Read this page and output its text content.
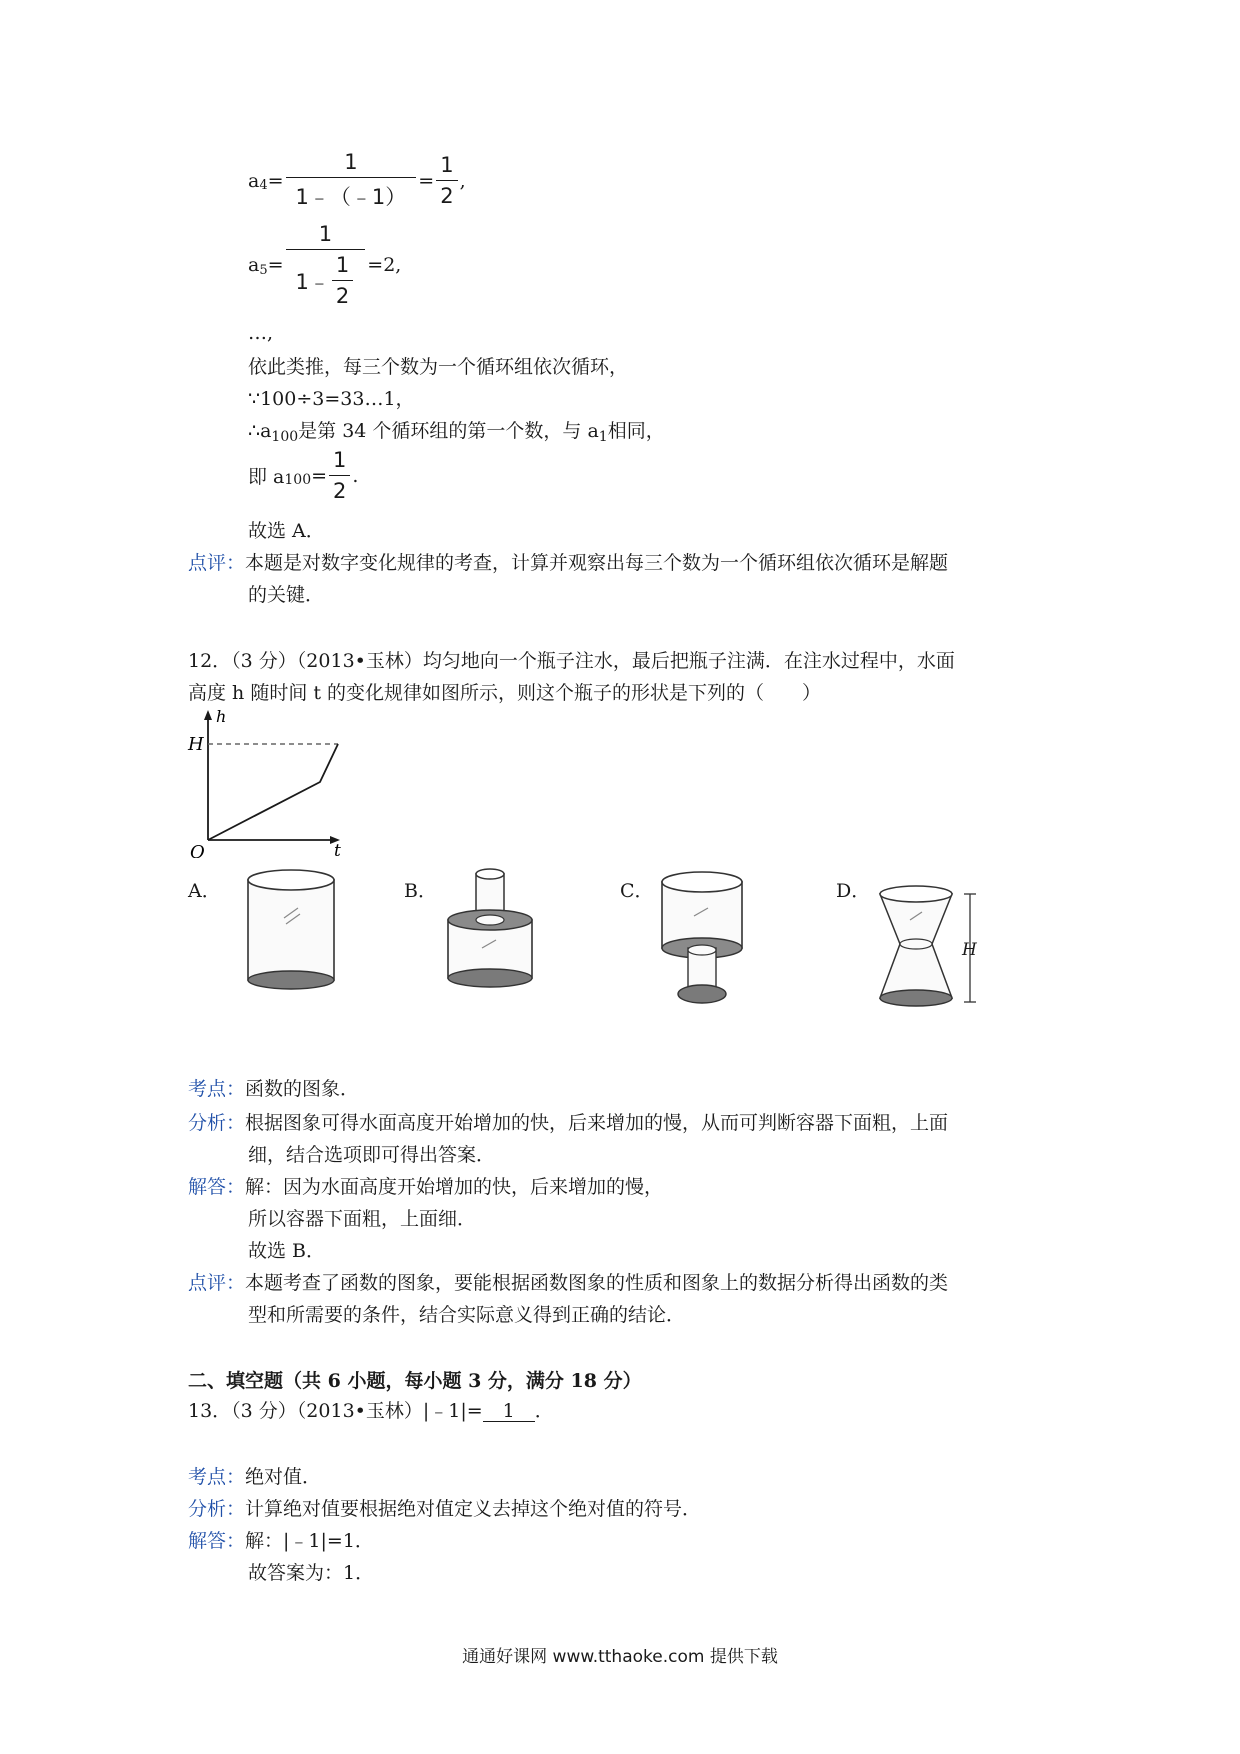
a $4 = \frac{1}{1﹣(﹣1)} = \frac{1}{2}$ ,
a $5 = \frac{1}{1﹣ \frac{1}{2}} =2$,
…,
依此类推，每三个数为一个循环组依次循环，
∵100÷3=33…1，
$\therefore a_{100}$是第 34 个循环组的第一个数，与 $a_1$相同，
即 a $100 = \frac{1}{2}$ .
故选 A．
点评：本题是对数字变化规律的考查，计算并观察出每三个数为一个循环组依次循环是解题
的关键．
12．（3 分）（2013•玉林）均匀地向一个瓶子注水，最后把瓶子注满．在注水过程中，水面
高度 h 随时间 t 的变化规律如图所示，则这个瓶子的形状是下列的（　　）
h
H
t
O
A．	B．	C．	D．
H
考点：函数的图象．
分析：根据图象可得水面高度开始增加的快，后来增加的慢，从而可判断容器下面粗，上面
细，结合选项即可得出答案．
解答：解：因为水面高度开始增加的快，后来增加的慢，
所以容器下面粗，上面细．
故选 B．
点评：本题考查了函数的图象，要能根据函数图象的性质和图象上的数据分析得出函数的类
型和所需要的条件，结合实际意义得到正确的结论．
二、填空题（共 6 小题，每小题 3 分，满分 18 分）
13．（3 分）（2013•玉林）|﹣1|= 1 ．
考点：绝对值．
分析：计算绝对值要根据绝对值定义去掉这个绝对值的符号．
解答：解：|﹣1|=1．
故答案为：1．
通通好课网 www.tthaoke.com 提供下载
